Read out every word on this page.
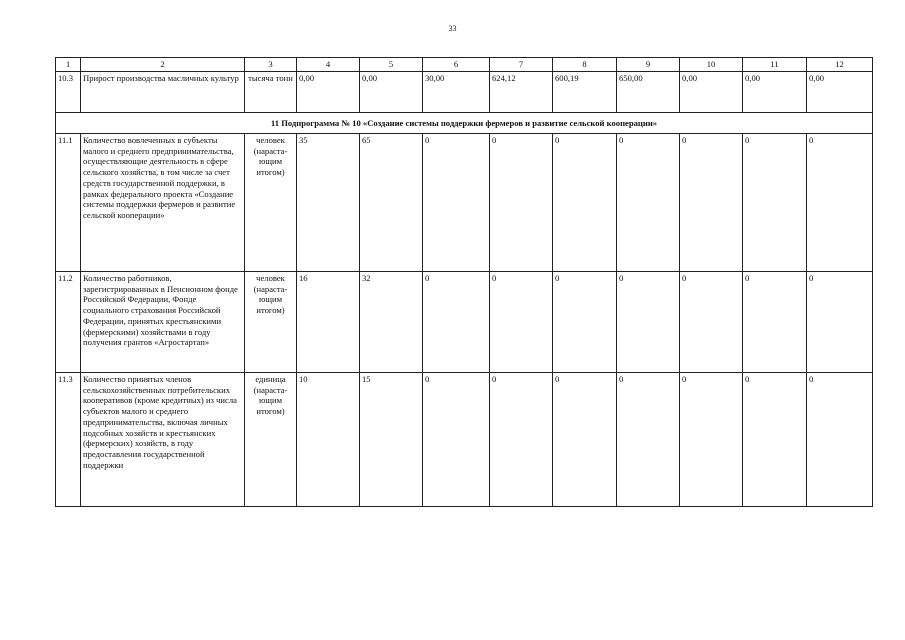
33
1	2	3	4	5	6	7	8	9	10	11	12
10.3	Прирост производства масличных культур	тысяча тонн	0,00	0,00	30,00	624,12	600,19	650,00	0,00	0,00	0,00
11 Подпрограмма № 10 «Создание системы поддержки фермеров и развитие сельской кооперации»											
11.1	Количество вовлеченных в субъекты малого и среднего предпринимательства, осуществляющие деятельность в сфере сельского хозяйства, в том числе за счет средств государственной поддержки, в рамках федерального проекта «Создание системы поддержки фермеров и развитие сельской кооперации»	человек (нараста-ющим итогом)	35	65	0	0	0	0	0	0	0
11.2	Количество работников, зарегистрированных в Пенсионном фонде Российской Федерации, Фонде социального страхования Российской Федерации, принятых крестьянскими (фермерскими) хозяйствами в году получения грантов «Агростартап»	человек (нараста-ющим итогом)	16	32	0	0	0	0	0	0	0
11.3	Количество принятых членов сельскохозяйственных потребительских кооперативов (кроме кредитных) из числа субъектов малого и среднего предпринимательства, включая личных подсобных хозяйств и крестьянских (фермерских) хозяйств, в году предоставления государственной поддержки	единица (нараста-ющим итогом)	10	15	0	0	0	0	0	0	0
